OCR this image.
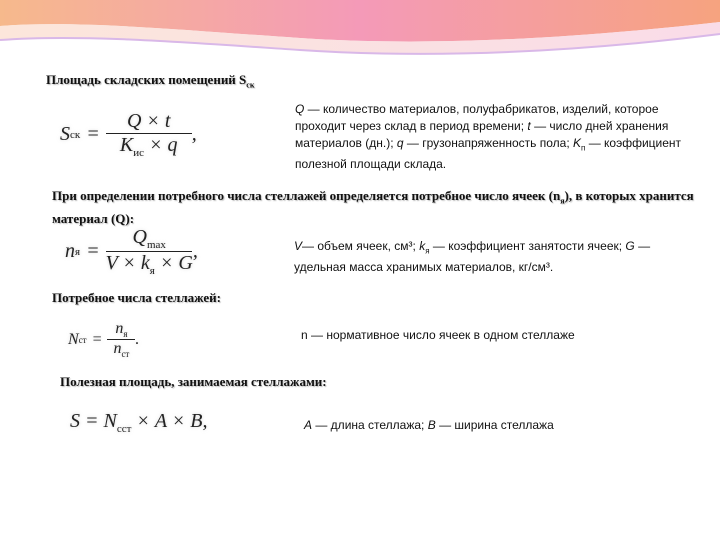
Площадь складских помещений $S_{ск}$
S ск =
Q × t
$K_{ис} \times q$ ,
Q — количество материалов, полуфабрикатов, изделий, которое проходит через склад в период времени; t — число дней хранения материалов (дн.); q — грузонапряженность пола; $K_п$ — коэффициент полезной площади склада.
При определении потребного числа стеллажей определяется потребное число ячеек $(n_я)$, в которых хранится материал (Q):
n я =
$Q_{max}$
$V \times k_я \times G$
,	V— объем ячеек, см³; $k_я$ — коэффициент занятости ячеек; G — удельная масса хранимых материалов, кг/см³.
Потребное числа стеллажей:
N ст =
$n_я$
$n_{ст}$
.	n — нормативное число ячеек в одном стеллаже
Полезная площадь, занимаемая стеллажами:
$S = N_{сст} \times A \times B$,	A — длина стеллажа; B — ширина стеллажа
